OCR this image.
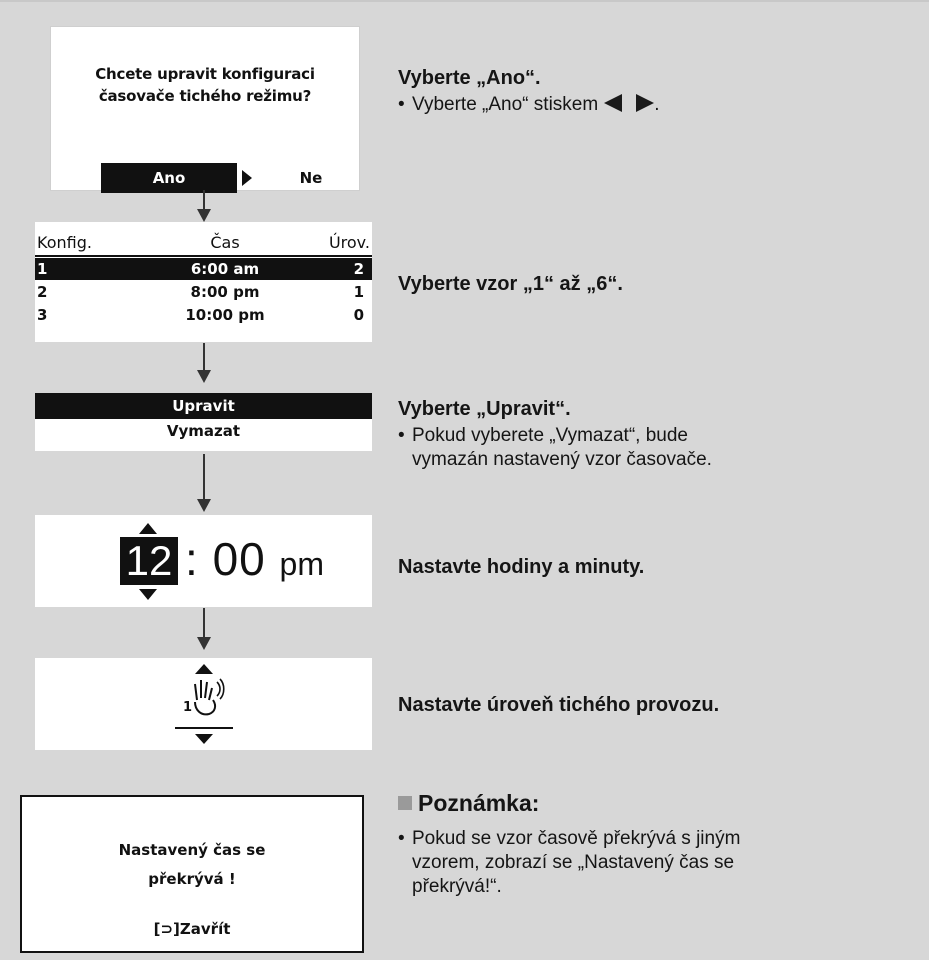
Chcete upravit konfiguraci
časovače tichého režimu?
Ano	Ne
Konfig.	Čas	Úrov.
1	6:00 am	2
2	8:00 pm	1
3	10:00 pm	0
Upravit
Vymazat
12 : 00 pm
1
Nastavený čas se
překrývá !
[⊃]Zavřít
Vyberte „Ano“.
• Vyberte „Ano“ stiskem	.
Vyberte vzor „1“ až „6“.
Vyberte „Upravit“.
• Pokud vyberete „Vymazat“, bude
vymazán nastavený vzor časovače.
Nastavte hodiny a minuty.
Nastavte úroveň tichého provozu.
Poznámka:
• Pokud se vzor časově překrývá s jiným
vzorem, zobrazí se „Nastavený čas se
překrývá!“.
